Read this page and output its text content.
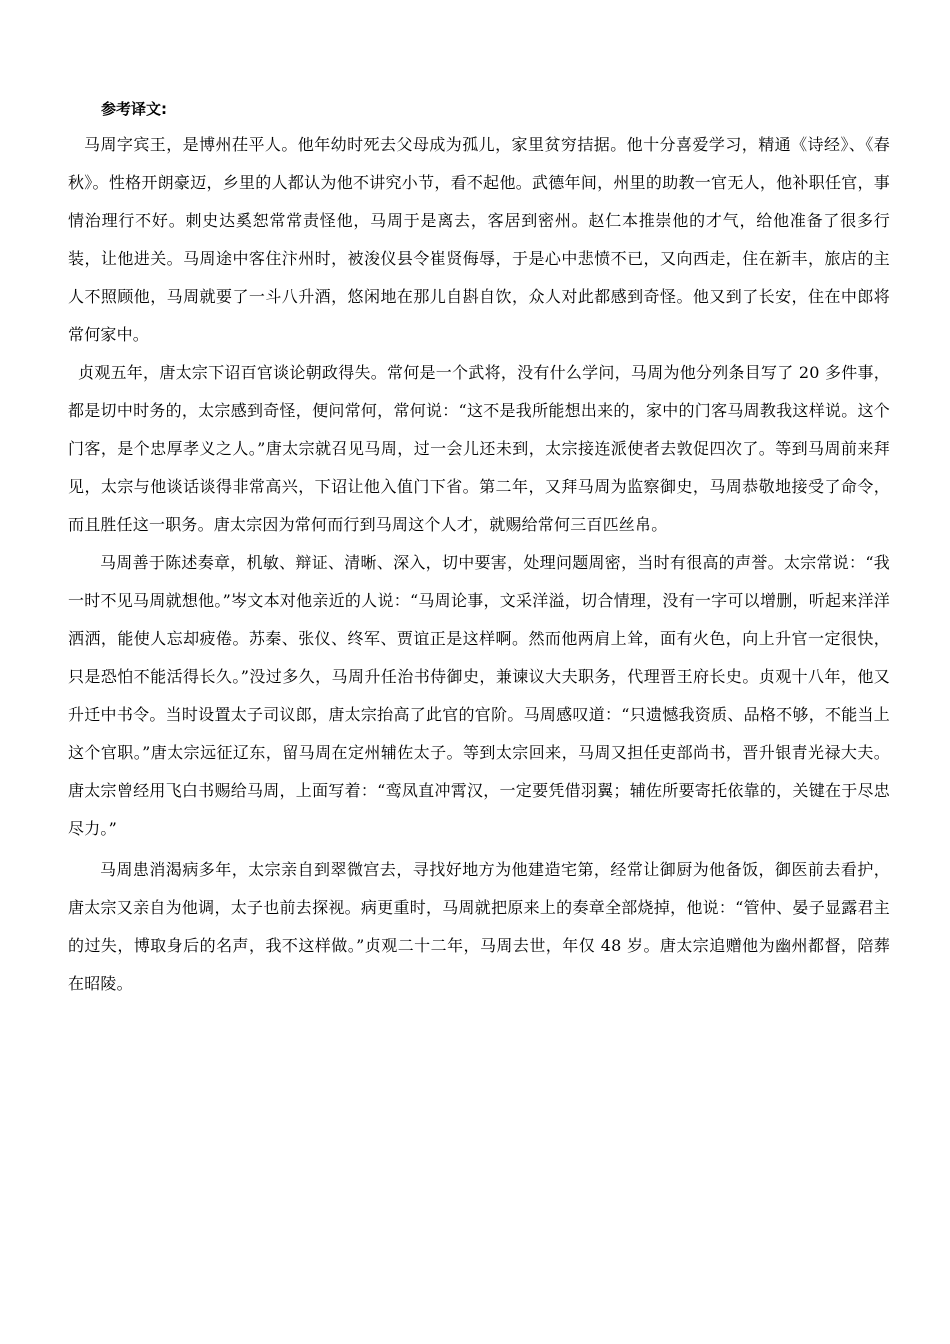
参考译文:

马周字宾王，是博州茌平人。他年幼时死去父母成为孤儿，家里贫穷拮据。他十分喜爱学习，精通《诗经》、《春秋》。性格开朗豪迈，乡里的人都认为他不讲究小节，看不起他。武德年间，州里的助教一官无人，他补职任官，事情治理行不好。刺史达奚恕常常责怪他，马周于是离去，客居到密州。赵仁本推崇他的才气，给他准备了很多行装，让他进关。马周途中客住汴州时，被浚仪县令崔贤侮辱，于是心中悲愤不已，又向西走，住在新丰，旅店的主人不照顾他，马周就要了一斗八升酒，悠闲地在那儿自斟自饮，众人对此都感到奇怪。他又到了长安，住在中郎将常何家中。

贞观五年，唐太宗下诏百官谈论朝政得失。常何是一个武将，没有什么学问，马周为他分列条目写了 20 多件事，都是切中时务的，太宗感到奇怪，便问常何，常何说：“这不是我所能想出来的，家中的门客马周教我这样说。这个门客，是个忠厚孝义之人。”唐太宗就召见马周，过一会儿还未到，太宗接连派使者去敦促四次了。等到马周前来拜见，太宗与他谈话谈得非常高兴，下诏让他入值门下省。第二年，又拜马周为监察御史，马周恭敬地接受了命令，而且胜任这一职务。唐太宗因为常何而行到马周这个人才，就赐给常何三百匹丝帛。

马周善于陈述奏章，机敏、辩证、清晰、深入，切中要害，处理问题周密，当时有很高的声誉。太宗常说：“我一时不见马周就想他。”岑文本对他亲近的人说：“马周论事，文采洋溢，切合情理，没有一字可以增删，听起来洋洋洒洒，能使人忘却疲倦。苏秦、张仪、终军、贾谊正是这样啊。然而他两肩上耸，面有火色，向上升官一定很快，只是恐怕不能活得长久。”没过多久，马周升任治书侍御史，兼谏议大夫职务，代理晋王府长史。贞观十八年，他又升迁中书令。当时设置太子司议郎，唐太宗抬高了此官的官阶。马周感叹道：“只遗憾我资质、品格不够，不能当上这个官职。”唐太宗远征辽东，留马周在定州辅佐太子。等到太宗回来，马周又担任吏部尚书，晋升银青光禄大夫。唐太宗曾经用飞白书赐给马周，上面写着：“鸾凤直冲霄汉，一定要凭借羽翼；辅佐所要寄托依靠的，关键在于尽忠尽力。”

马周患消渴病多年，太宗亲自到翠微宫去，寻找好地方为他建造宅第，经常让御厨为他备饭，御医前去看护，唐太宗又亲自为他调，太子也前去探视。病更重时，马周就把原来上的奏章全部烧掉，他说：“管仲、晏子显露君主的过失，博取身后的名声，我不这样做。”贞观二十二年，马周去世，年仅 48 岁。唐太宗追赠他为幽州都督，陪葬在昭陵。
